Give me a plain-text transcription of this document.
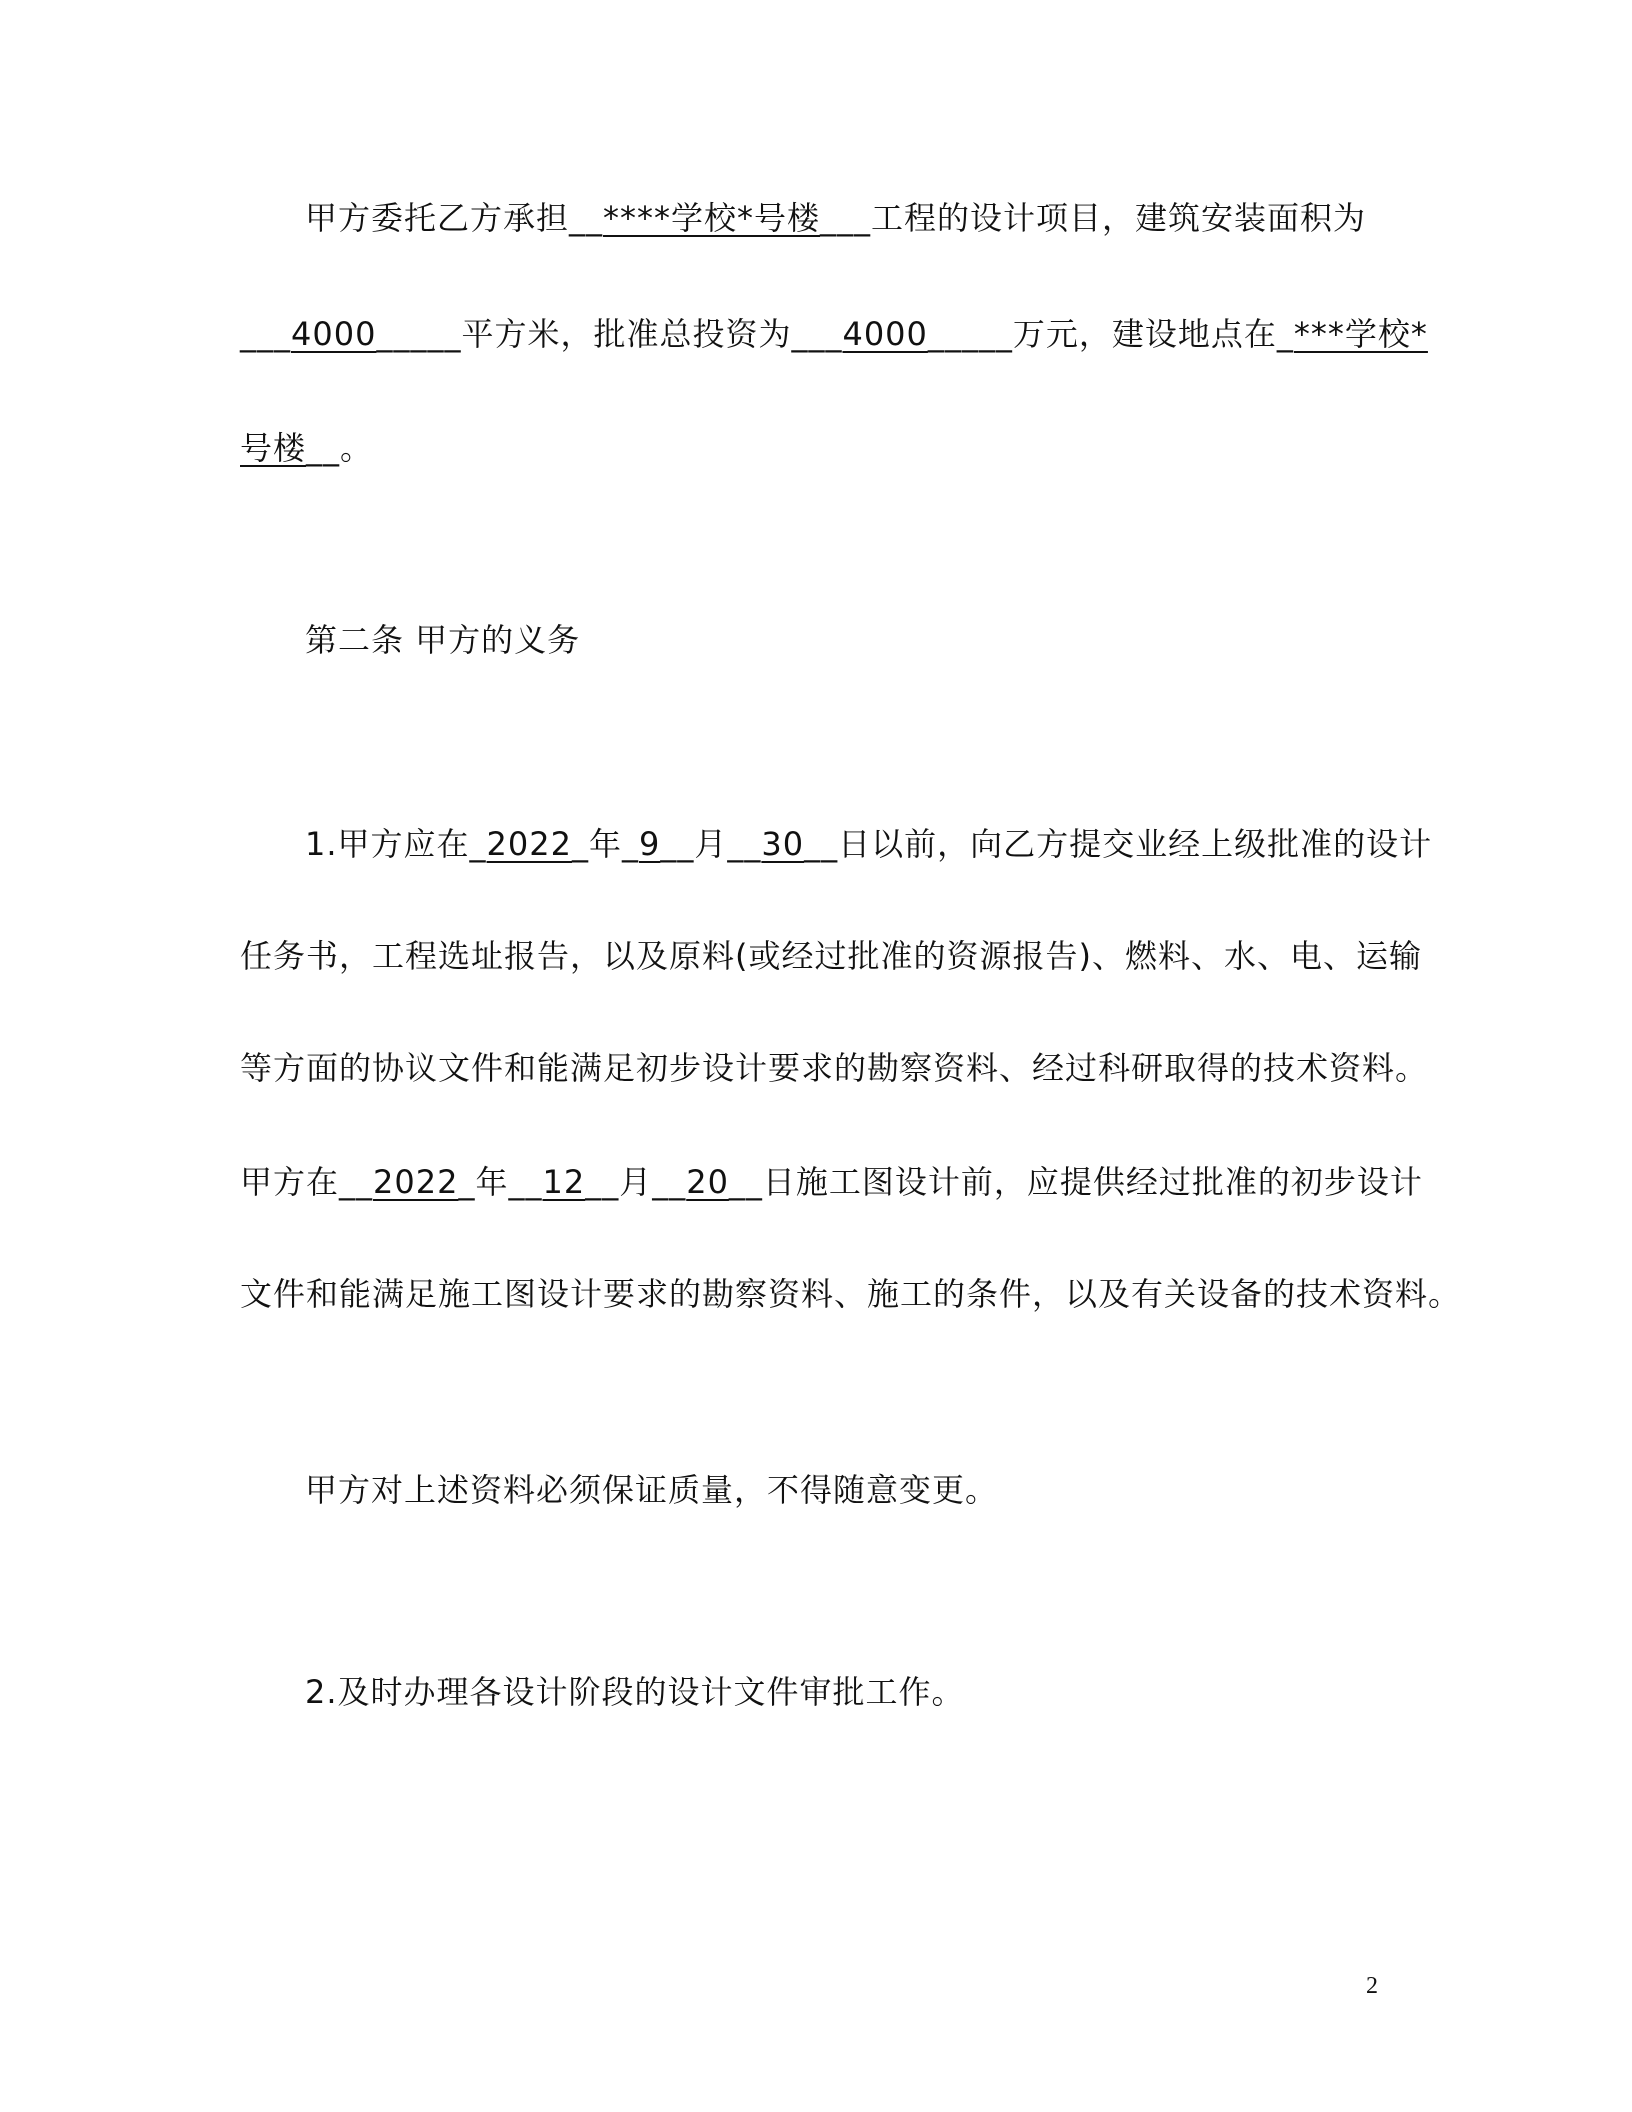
甲方委托乙方承担__****学校*号楼___工程的设计项目，建筑安装面积为
___4000_____平方米，批准总投资为___4000_____万元，建设地点在_***学校*
号楼__。
第二条 甲方的义务
1.甲方应在_2022_年_9__月__30__日以前，向乙方提交业经上级批准的设计
任务书，工程选址报告，以及原料(或经过批准的资源报告)、燃料、水、电、运输
等方面的协议文件和能满足初步设计要求的勘察资料、经过科研取得的技术资料。
甲方在__2022_年__12__月__20__日施工图设计前，应提供经过批准的初步设计
文件和能满足施工图设计要求的勘察资料、施工的条件，以及有关设备的技术资料。
甲方对上述资料必须保证质量，不得随意变更。
2.及时办理各设计阶段的设计文件审批工作。
2
